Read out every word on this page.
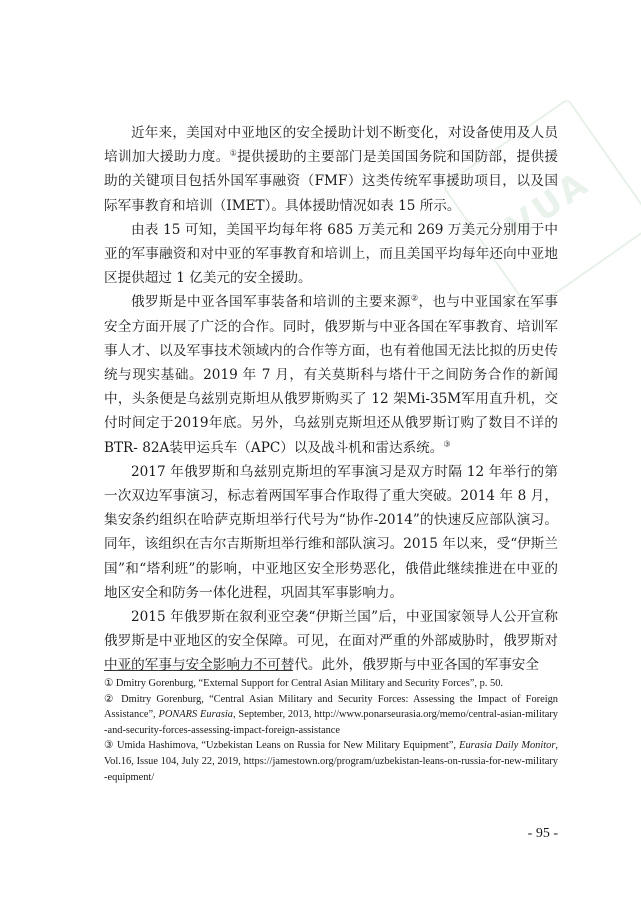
VUA

近年来，美国对中亚地区的安全援助计划不断变化，对设备使用及人员培训加大援助力度。①提供援助的主要部门是美国国务院和国防部，提供援助的关键项目包括外国军事融资（FMF）这类传统军事援助项目，以及国际军事教育和培训（IMET）。具体援助情况如表 15 所示。

由表 15 可知，美国平均每年将 685 万美元和 269 万美元分别用于中亚的军事融资和对中亚的军事教育和培训上，而且美国平均每年还向中亚地区提供超过 1 亿美元的安全援助。

俄罗斯是中亚各国军事装备和培训的主要来源②，也与中亚国家在军事安全方面开展了广泛的合作。同时，俄罗斯与中亚各国在军事教育、培训军事人才、以及军事技术领域内的合作等方面，也有着他国无法比拟的历史传统与现实基础。2019 年 7 月，有关莫斯科与塔什干之间防务合作的新闻中，头条便是乌兹别克斯坦从俄罗斯购买了 12 架Mi-35M军用直升机，交付时间定于2019年底。另外，乌兹别克斯坦还从俄罗斯订购了数目不详的BTR- 82A装甲运兵车（APC）以及战斗机和雷达系统。③

2017 年俄罗斯和乌兹别克斯坦的军事演习是双方时隔 12 年举行的第一次双边军事演习，标志着两国军事合作取得了重大突破。2014 年 8 月，集安条约组织在哈萨克斯坦举行代号为“协作-2014”的快速反应部队演习。同年，该组织在吉尔吉斯斯坦举行维和部队演习。2015 年以来，受“伊斯兰国”和“塔利班”的影响，中亚地区安全形势恶化，俄借此继续推进在中亚的地区安全和防务一体化进程，巩固其军事影响力。

2015 年俄罗斯在叙利亚空袭“伊斯兰国”后，中亚国家领导人公开宣称俄罗斯是中亚地区的安全保障。可见，在面对严重的外部威胁时，俄罗斯对中亚的军事与安全影响力不可替代。此外，俄罗斯与中亚各国的军事安全

① Dmitry Gorenburg, “External Support for Central Asian Military and Security Forces”, p. 50.

② Dmitry Gorenburg, “Central Asian Military and Security Forces: Assessing the Impact of Foreign Assistance”, PONARS Eurasia, September, 2013, http://www.ponarseurasia.org/memo/central-asian-military-and-security-forces-assessing-impact-foreign-assistance

③ Umida Hashimova, “Uzbekistan Leans on Russia for New Military Equipment”, Eurasia Daily Monitor, Vol.16, Issue 104, July 22, 2019, https://jamestown.org/program/uzbekistan-leans-on-russia-for-new-military-equipment/

- 95 -
